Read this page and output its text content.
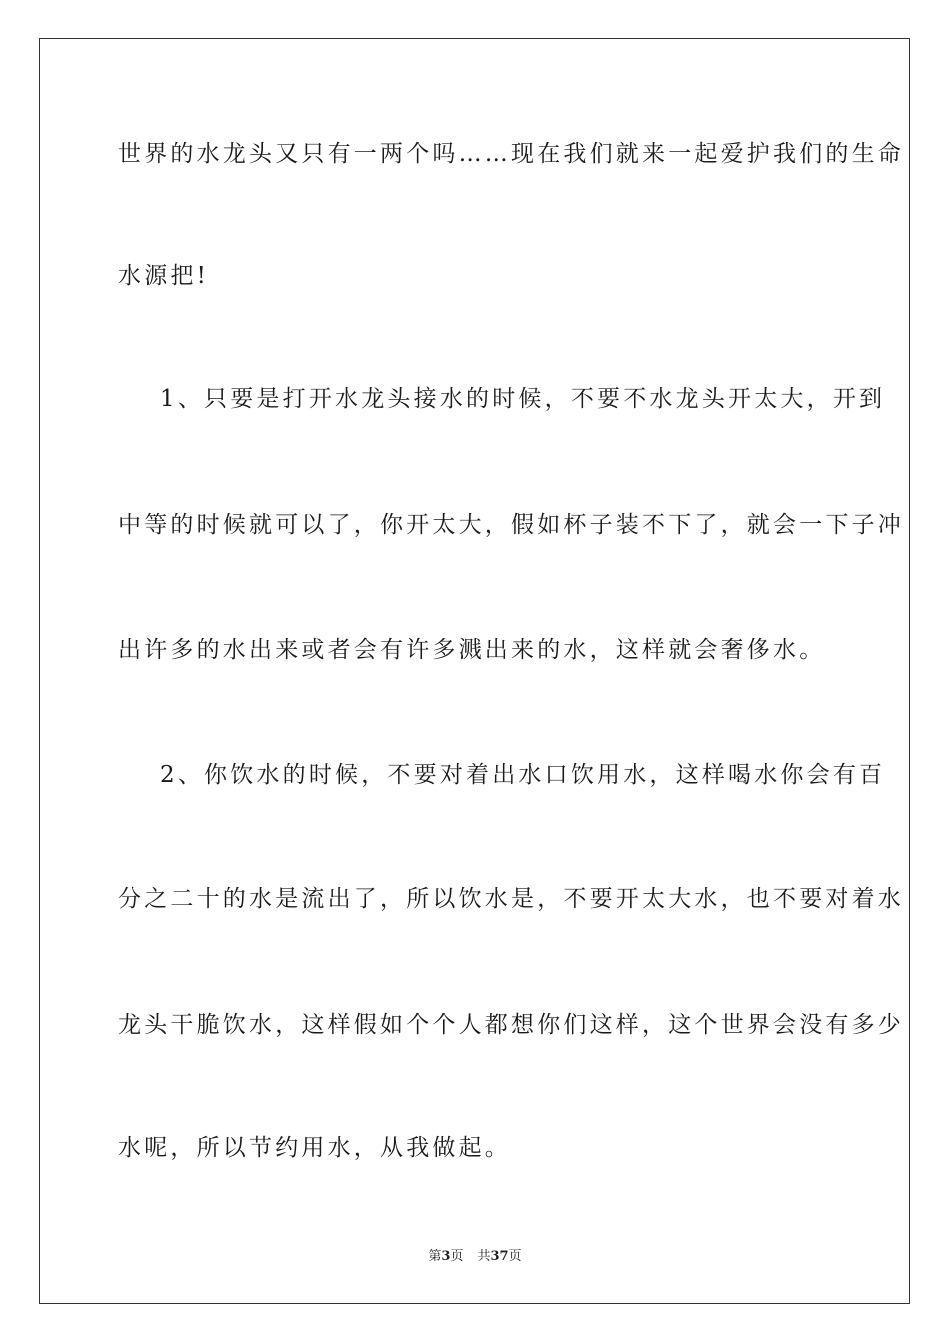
世界的水龙头又只有一两个吗……现在我们就来一起爱护我们的生命
水源把!
1、只要是打开水龙头接水的时候，不要不水龙头开太大，开到
中等的时候就可以了，你开太大，假如杯子装不下了，就会一下子冲
出许多的水出来或者会有许多溅出来的水，这样就会奢侈水。
2、你饮水的时候，不要对着出水口饮用水，这样喝水你会有百
分之二十的水是流出了，所以饮水是，不要开太大水，也不要对着水
龙头干脆饮水，这样假如个个人都想你们这样，这个世界会没有多少
水呢，所以节约用水，从我做起。
第3页 共37页
